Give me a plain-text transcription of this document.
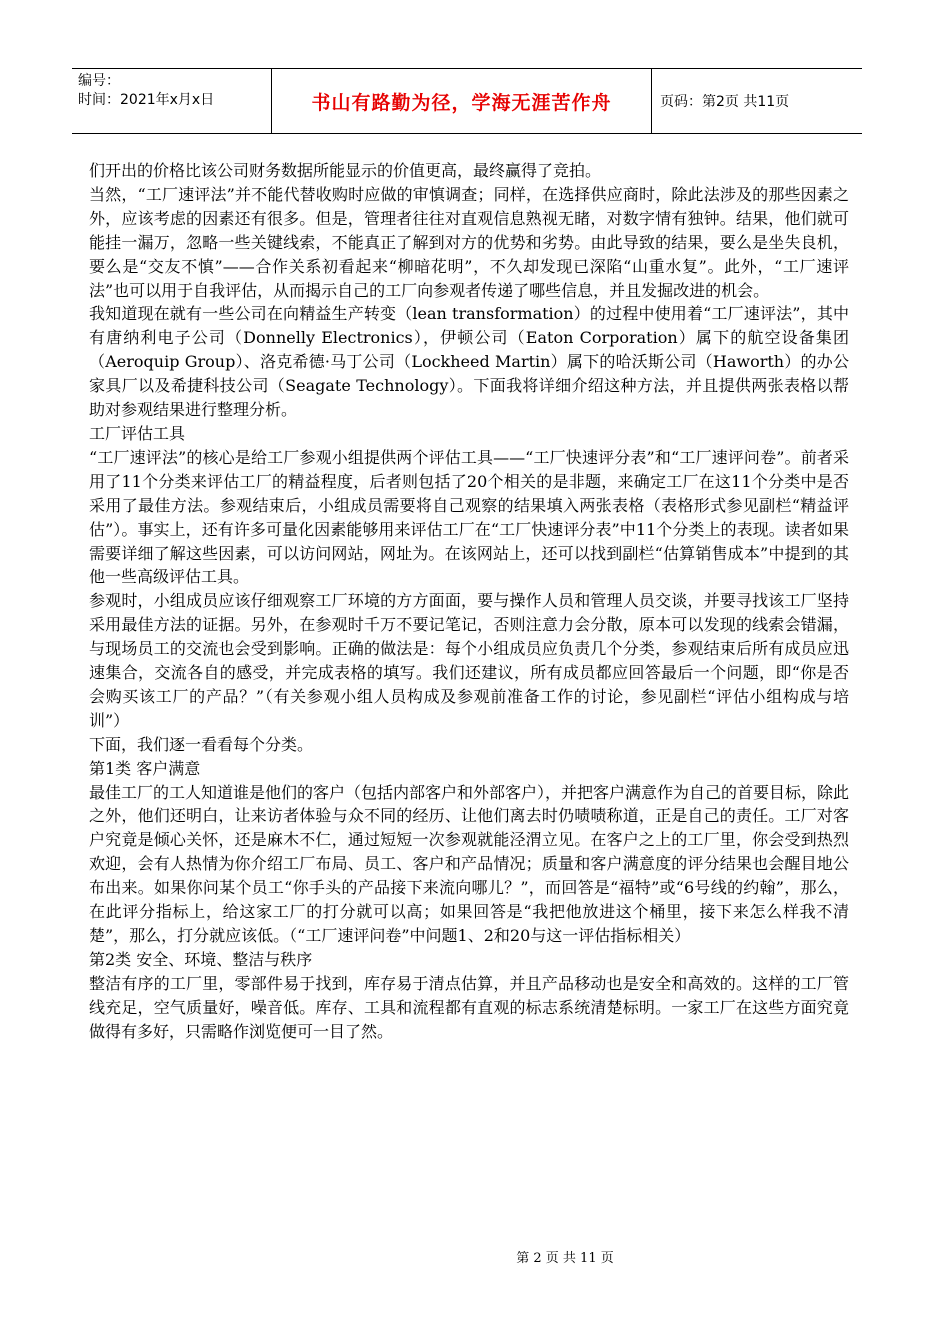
编号：
时间：2021年x月x日	书山有路勤为径，学海无涯苦作舟	页码：第2页 共11页

们开出的价格比该公司财务数据所能显示的价值更高，最终赢得了竞拍。

当然，“工厂速评法”并不能代替收购时应做的审慎调查；同样，在选择供应商时，除此法涉及的那些因素之外，应该考虑的因素还有很多。但是，管理者往往对直观信息熟视无睹，对数字情有独钟。结果，他们就可能挂一漏万，忽略一些关键线索，不能真正了解到对方的优势和劣势。由此导致的结果，要么是坐失良机，要么是“交友不慎”——合作关系初看起来“柳暗花明”，不久却发现已深陷“山重水复”。此外，“工厂速评法”也可以用于自我评估，从而揭示自己的工厂向参观者传递了哪些信息，并且发掘改进的机会。

我知道现在就有一些公司在向精益生产转变（lean transformation）的过程中使用着“工厂速评法”，其中有唐纳利电子公司（Donnelly Electronics），伊顿公司（Eaton Corporation）属下的航空设备集团（Aeroquip Group）、洛克希德·马丁公司（Lockheed Martin）属下的哈沃斯公司（Haworth）的办公家具厂以及希捷科技公司（Seagate Technology）。下面我将详细介绍这种方法，并且提供两张表格以帮助对参观结果进行整理分析。

工厂评估工具

“工厂速评法”的核心是给工厂参观小组提供两个评估工具——“工厂快速评分表”和“工厂速评问卷”。前者采用了11个分类来评估工厂的精益程度，后者则包括了20个相关的是非题，来确定工厂在这11个分类中是否采用了最佳方法。参观结束后，小组成员需要将自己观察的结果填入两张表格（表格形式参见副栏“精益评估”）。事实上，还有许多可量化因素能够用来评估工厂在“工厂快速评分表”中11个分类上的表现。读者如果需要详细了解这些因素，可以访问网站，网址为。在该网站上，还可以找到副栏“估算销售成本”中提到的其他一些高级评估工具。

参观时，小组成员应该仔细观察工厂环境的方方面面，要与操作人员和管理人员交谈，并要寻找该工厂坚持采用最佳方法的证据。另外，在参观时千万不要记笔记，否则注意力会分散，原本可以发现的线索会错漏，与现场员工的交流也会受到影响。正确的做法是：每个小组成员应负责几个分类，参观结束后所有成员应迅速集合，交流各自的感受，并完成表格的填写。我们还建议，所有成员都应回答最后一个问题，即“你是否会购买该工厂的产品？”（有关参观小组人员构成及参观前准备工作的讨论，参见副栏“评估小组构成与培训”）

下面，我们逐一看看每个分类。

第1类 客户满意

最佳工厂的工人知道谁是他们的客户（包括内部客户和外部客户），并把客户满意作为自己的首要目标，除此之外，他们还明白，让来访者体验与众不同的经历、让他们离去时仍啧啧称道，正是自己的责任。工厂对客户究竟是倾心关怀，还是麻木不仁，通过短短一次参观就能泾渭立见。在客户之上的工厂里，你会受到热烈欢迎，会有人热情为你介绍工厂布局、员工、客户和产品情况；质量和客户满意度的评分结果也会醒目地公布出来。如果你问某个员工“你手头的产品接下来流向哪儿？”，而回答是“福特”或“6号线的约翰”，那么，在此评分指标上，给这家工厂的打分就可以高；如果回答是“我把他放进这个桶里，接下来怎么样我不清楚”，那么，打分就应该低。（“工厂速评问卷”中问题1、2和20与这一评估指标相关）

第2类 安全、环境、整洁与秩序

整洁有序的工厂里，零部件易于找到，库存易于清点估算，并且产品移动也是安全和高效的。这样的工厂管线充足，空气质量好，噪音低。库存、工具和流程都有直观的标志系统清楚标明。一家工厂在这些方面究竟做得有多好，只需略作浏览便可一目了然。

第 2 页 共 11 页
